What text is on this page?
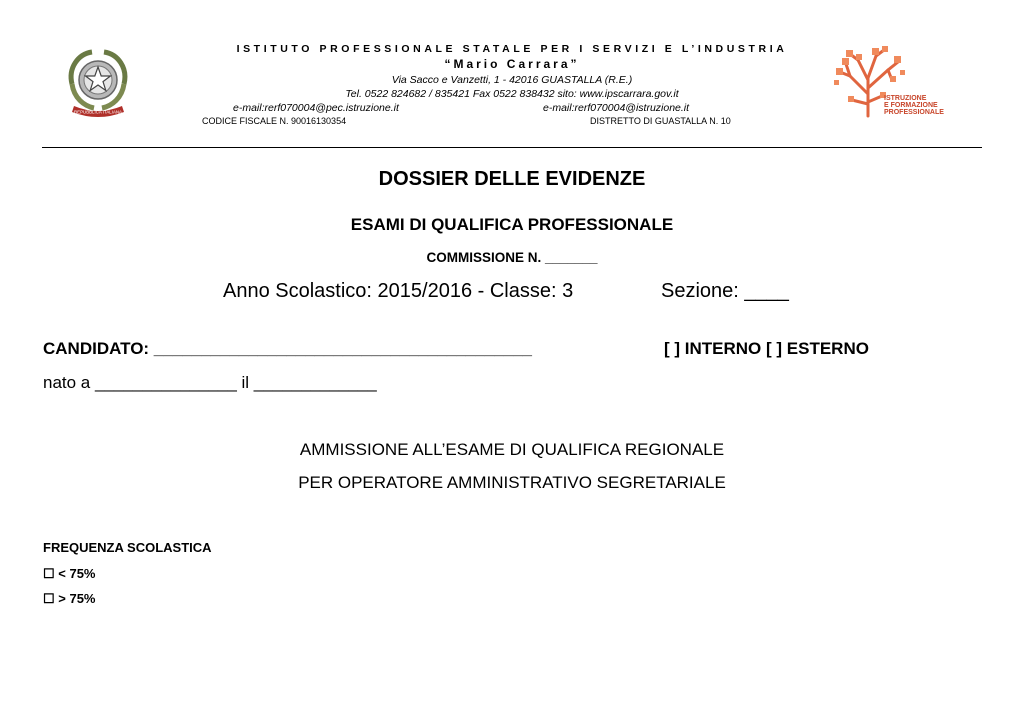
REPUBBLICA ITALIANA
ISTRUZIONE
E FORMAZIONE
PROFESSIONALE
ISTITUTO PROFESSIONALE STATALE PER I SERVIZI E L’INDUSTRIA
“Mario Carrara”
Via Sacco e Vanzetti, 1 - 42016 GUASTALLA (R.E.)
Tel. 0522 824682 / 835421 Fax 0522 838432 sito: www.ipscarrara.gov.it
e-mail:rerf070004@pec.istruzione.it	e-mail:rerf070004@istruzione.it
CODICE FISCALE N. 90016130354	DISTRETTO DI GUASTALLA N. 10
DOSSIER DELLE EVIDENZE
ESAMI DI QUALIFICA PROFESSIONALE
COMMISSIONE N. _______
Anno Scolastico: 2015/2016 - Classe: 3	Sezione: ____
CANDIDATO: ________________________________________	[ ] INTERNO [ ] ESTERNO
nato a _______________ il _____________
AMMISSIONE ALL’ESAME DI QUALIFICA REGIONALE
PER OPERATORE AMMINISTRATIVO SEGRETARIALE
FREQUENZA SCOLASTICA
☐ < 75%
☐ > 75%
